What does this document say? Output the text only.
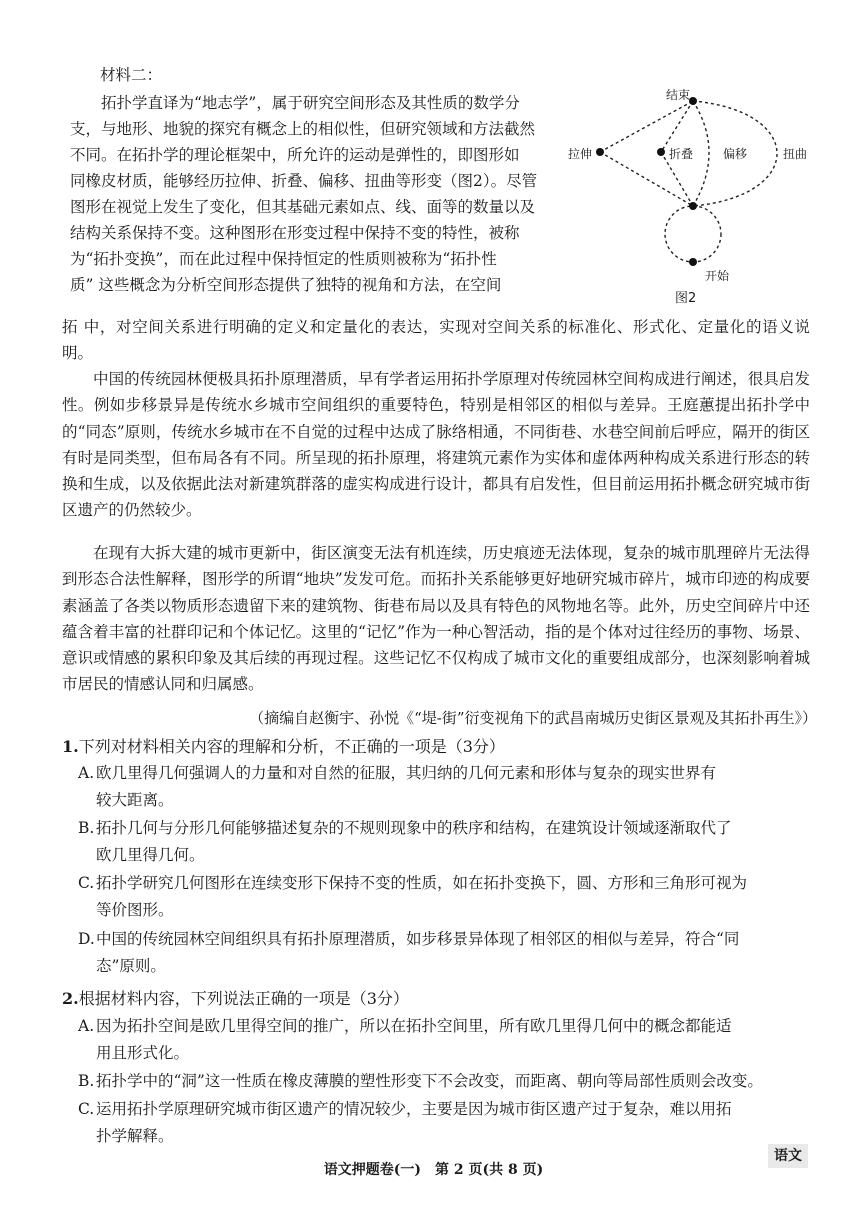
材料二：
拓扑学直译为“地志学”，属于研究空间形态及其性质的数学分
支，与地形、地貌的探究有概念上的相似性，但研究领域和方法截然
不同。在拓扑学的理论框架中，所允许的运动是弹性的，即图形如
同橡皮材质，能够经历拉伸、折叠、偏移、扭曲等形变（图2）。尽管
图形在视觉上发生了变化，但其基础元素如点、线、面等的数量以及
结构关系保持不变。这种图形在形变过程中保持不变的特性，被称
为“拓扑变换”，而在此过程中保持恒定的性质则被称为“拓扑性
质” 这些概念为分析空间形态提供了独特的视角和方法，在空间

拓 中，对空间关系进行明确的定义和定量化的表达，实现对空间关系的标准化、形式化、定量化的语义说明。

结束
拉伸	折叠 偏移	扭曲
开始
图2

中国的传统园林便极具拓扑原理潜质，早有学者运用拓扑学原理对传统园林空间构成进行阐述，很具启发性。例如步移景异是传统水乡城市空间组织的重要特色，特别是相邻区的相似与差异。王庭蕙提出拓扑学中的“同态”原则，传统水乡城市在不自觉的过程中达成了脉络相通，不同街巷、水巷空间前后呼应，隔开的街区有时是同类型，但布局各有不同。所呈现的拓扑原理，将建筑元素作为实体和虚体两种构成关系进行形态的转换和生成，以及依据此法对新建筑群落的虚实构成进行设计，都具有启发性，但目前运用拓扑概念研究城市街区遗产的仍然较少。

在现有大拆大建的城市更新中，街区演变无法有机连续，历史痕迹无法体现，复杂的城市肌理碎片无法得到形态合法性解释，图形学的所谓“地块”发发可危。而拓扑关系能够更好地研究城市碎片，城市印迹的构成要素涵盖了各类以物质形态遗留下来的建筑物、街巷布局以及具有特色的风物地名等。此外，历史空间碎片中还蕴含着丰富的社群印记和个体记忆。这里的“记忆”作为一种心智活动，指的是个体对过往经历的事物、场景、意识或情感的累积印象及其后续的再现过程。这些记忆不仅构成了城市文化的重要组成部分，也深刻影响着城市居民的情感认同和归属感。

（摘编自赵衡宇、孙悦《“堤-街”衍变视角下的武昌南城历史街区景观及其拓扑再生》）
1.下列对材料相关内容的理解和分析，不正确的一项是（3分）
A. 欧几里得几何强调人的力量和对自然的征服，其归纳的几何元素和形体与复杂的现实世界有
较大距离。
B. 拓扑几何与分形几何能够描述复杂的不规则现象中的秩序和结构，在建筑设计领域逐渐取代了
欧几里得几何。
C. 拓扑学研究几何图形在连续变形下保持不变的性质，如在拓扑变换下，圆、方形和三角形可视为
等价图形。
D.中国的传统园林空间组织具有拓扑原理潜质，如步移景异体现了相邻区的相似与差异，符合“同
态”原则。
2.根据材料内容，下列说法正确的一项是（3分）
A. 因为拓扑空间是欧几里得空间的推广，所以在拓扑空间里，所有欧几里得几何中的概念都能适
用且形式化。
B. 拓扑学中的“洞”这一性质在橡皮薄膜的塑性形变下不会改变，而距离、朝向等局部性质则会改变。
C. 运用拓扑学原理研究城市街区遗产的情况较少，主要是因为城市街区遗产过于复杂，难以用拓
扑学解释。
语文押题卷(一)　第 2 页(共 8 页)
语文
